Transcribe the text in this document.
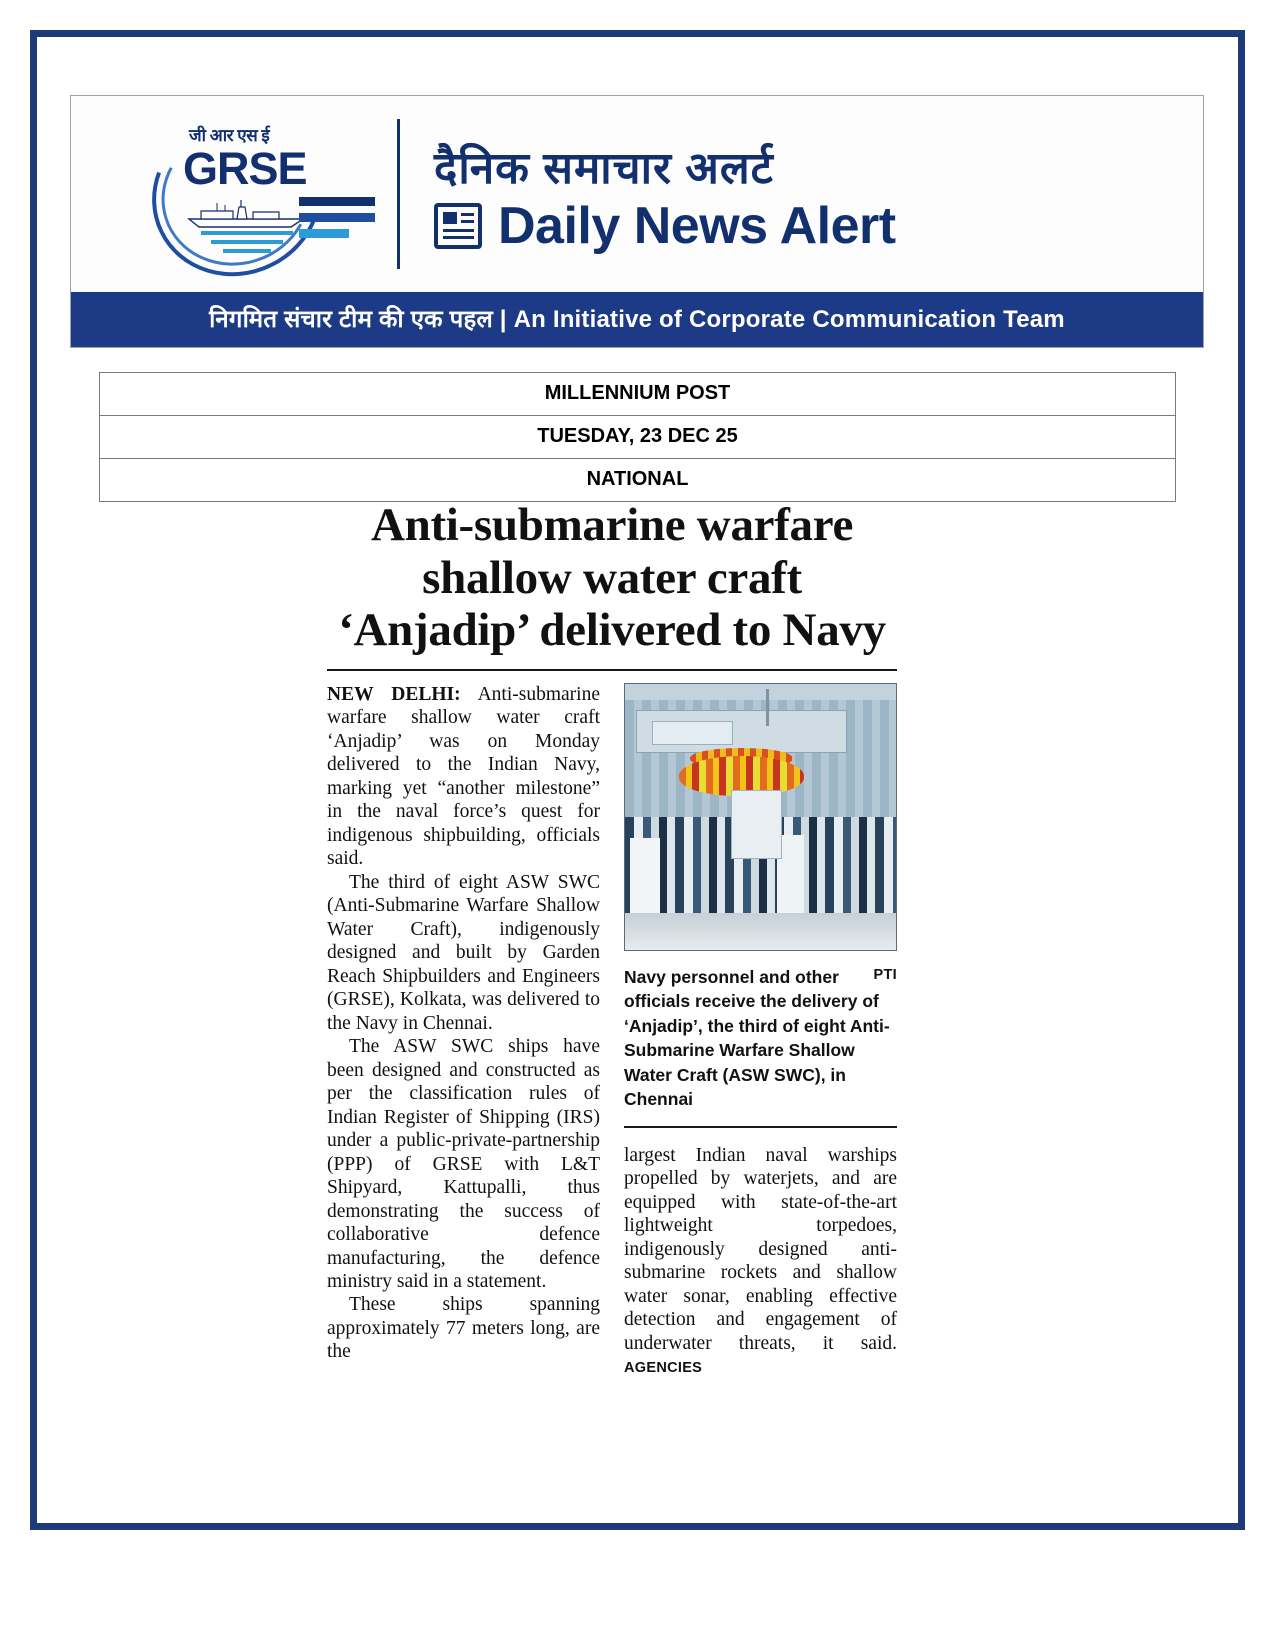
जी आर एस ई
GRSE	दैनिक समाचार अलर्ट
Daily News Alert
निगमित संचार टीम की एक पहल | An Initiative of Corporate Communication Team
MILLENNIUM POST
TUESDAY, 23 DEC 25
NATIONAL
Anti-submarine warfare shallow water craft ‘Anjadip’ delivered to Navy

NEW DELHI: Anti-submarine warfare shallow water craft ‘Anjadip’ was on Monday delivered to the Indian Navy, marking yet “another milestone” in the naval force’s quest for indigenous shipbuilding, officials said.

The third of eight ASW SWC (Anti-Submarine Warfare Shallow Water Craft), indigenously designed and built by Garden Reach Shipbuilders and Engineers (GRSE), Kolkata, was delivered to the Navy in Chennai.

The ASW SWC ships have been designed and constructed as per the classification rules of Indian Register of Shipping (IRS) under a public-private-partnership (PPP) of GRSE with L&T Shipyard, Kattupalli, thus demonstrating the success of collaborative defence manufacturing, the defence ministry said in a statement.

These ships spanning approximately 77 meters long, are the

PTI
Navy personnel and other officials receive the delivery of ‘Anjadip’, the third of eight Anti-Submarine Warfare Shallow Water Craft (ASW SWC), in Chennai

largest Indian naval warships propelled by waterjets, and are equipped with state-of-the-art lightweight torpedoes, indigenously designed anti-submarine rockets and shallow water sonar, enabling effective detection and engagement of underwater threats, it said. AGENCIES
